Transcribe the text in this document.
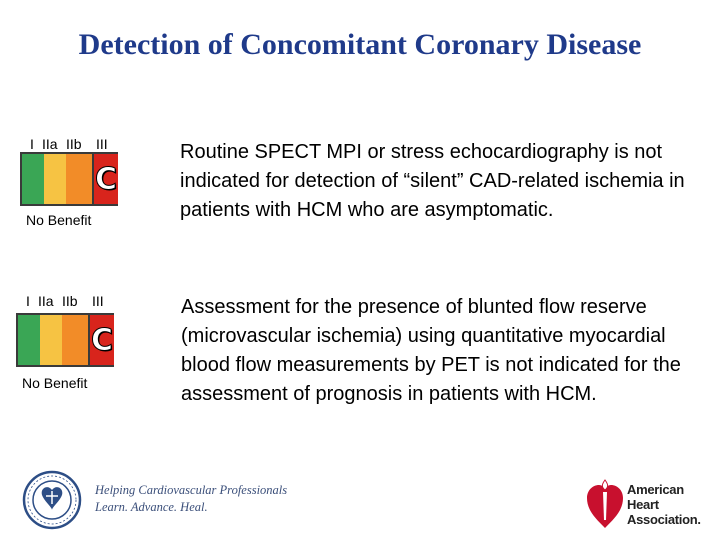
Detection of Concomitant Coronary Disease
I IIa IIb III
C
No Benefit
Routine SPECT MPI or stress echocardiography is not indicated for detection of “silent” CAD-related ischemia in patients with HCM who are asymptomatic.
I IIa IIb III
C
No Benefit
Assessment for the presence of blunted flow reserve (microvascular ischemia) using quantitative myocardial blood flow measurements by PET is not indicated for the assessment of prognosis in patients with HCM.
Helping Cardiovascular Professionals
Learn. Advance. Heal.
American
Heart
Association.
